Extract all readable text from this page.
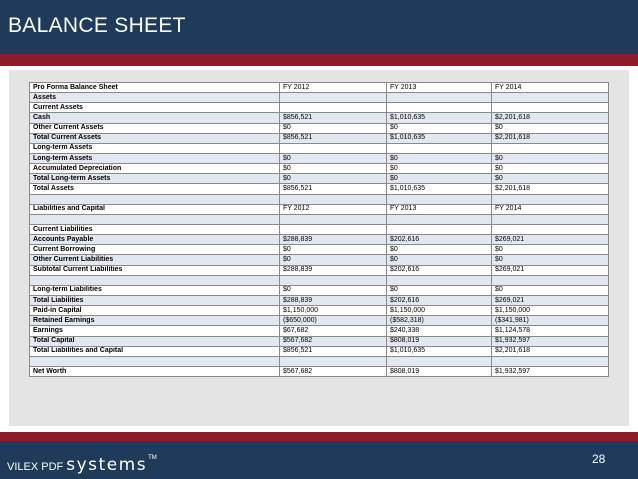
BALANCE SHEET
Pro Forma Balance Sheet	FY 2012	FY 2013	FY 2014
Assets			
Current Assets			
Cash	$856,521	$1,010,635	$2,201,618
Other Current Assets	$0	$0	$0
Total Current Assets	$856,521	$1,010,635	$2,201,618
Long-term Assets			
Long-term Assets	$0	$0	$0
Accumulated Depreciation	$0	$0	$0
Total Long-term Assets	$0	$0	$0
Total Assets	$856,521	$1,010,635	$2,201,618

Liabilities and Capital	FY 2012	FY 2013	FY 2014

Current Liabilities			
Accounts Payable	$288,839	$202,616	$269,021
Current Borrowing	$0	$0	$0
Other Current Liabilities	$0	$0	$0
Subtotal Current Liabilities	$288,839	$202,616	$269,021

Long-term Liabilities	$0	$0	$0
Total Liabilities	$288,839	$202,616	$269,021
Paid-in Capital	$1,150,000	$1,150,000	$1,150,000
Retained Earnings	($650,000)	($582,318)	($341,981)
Earnings	$67,682	$240,338	$1,124,578
Total Capital	$567,682	$808,019	$1,932,597
Total Liabilities and Capital	$856,521	$1,010,635	$2,201,618

Net Worth	$567,682	$808,019	$1,932,597
VILEX PDF systems™	28
